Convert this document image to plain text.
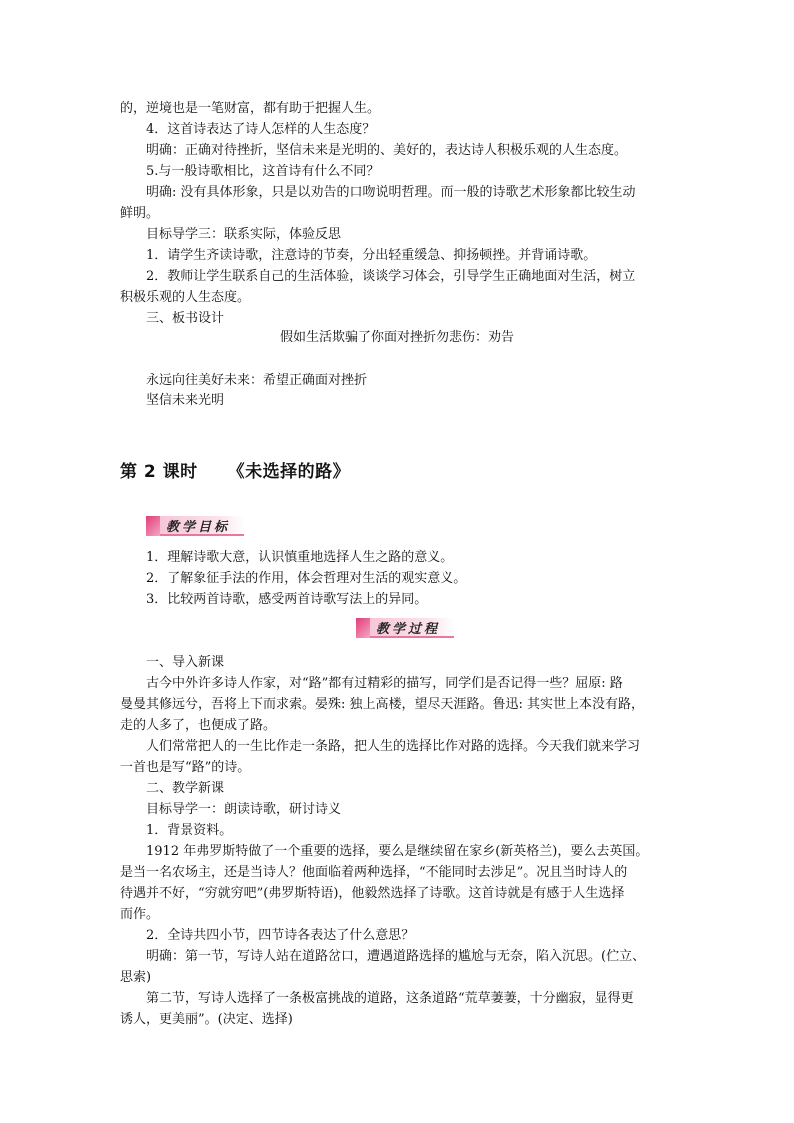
的，逆境也是一笔财富，都有助于把握人生。
4．这首诗表达了诗人怎样的人生态度？
明确：正确对待挫折，坚信未来是光明的、美好的，表达诗人积极乐观的人生态度。
5.与一般诗歌相比，这首诗有什么不同？
明确: 没有具体形象，只是以劝告的口吻说明哲理。而一般的诗歌艺术形象都比较生动
鲜明。
目标导学三：联系实际，体验反思
1．请学生齐读诗歌，注意诗的节奏，分出轻重缓急、抑扬顿挫。并背诵诗歌。
2．教师让学生联系自己的生活体验，谈谈学习体会，引导学生正确地面对生活，树立
积极乐观的人生态度。
三、板书设计
假如生活欺骗了你面对挫折勿悲伤：劝告
永远向往美好未来：希望正确面对挫折
坚信未来光明
第 2 课时 《未选择的路》
教学目标
1．理解诗歌大意，认识慎重地选择人生之路的意义。
2．了解象征手法的作用，体会哲理对生活的观实意义。
3．比较两首诗歌，感受两首诗歌写法上的异同。
教学过程
一、导入新课
古今中外许多诗人作家，对“路”都有过精彩的描写，同学们是否记得一些？屈原: 路
曼曼其修远兮，吾将上下而求索。晏殊: 独上高楼，望尽天涯路。鲁迅: 其实世上本没有路，
走的人多了，也便成了路。
人们常常把人的一生比作走一条路，把人生的选择比作对路的选择。今天我们就来学习
一首也是写“路”的诗。
二、教学新课
目标导学一：朗读诗歌，研讨诗义
1．背景资料。
1912 年弗罗斯特做了一个重要的选择，要么是继续留在家乡(新英格兰)，要么去英国。
是当一名农场主，还是当诗人？他面临着两种选择，“不能同时去涉足”。况且当时诗人的
待遇并不好，“穷就穷吧”(弗罗斯特语)，他毅然选择了诗歌。这首诗就是有感于人生选择
而作。
2．全诗共四小节，四节诗各表达了什么意思？
明确：第一节，写诗人站在道路岔口，遭遇道路选择的尴尬与无奈，陷入沉思。(伫立、
思索)
第二节，写诗人选择了一条极富挑战的道路，这条道路“荒草萋萋，十分幽寂，显得更
诱人，更美丽”。(决定、选择)
